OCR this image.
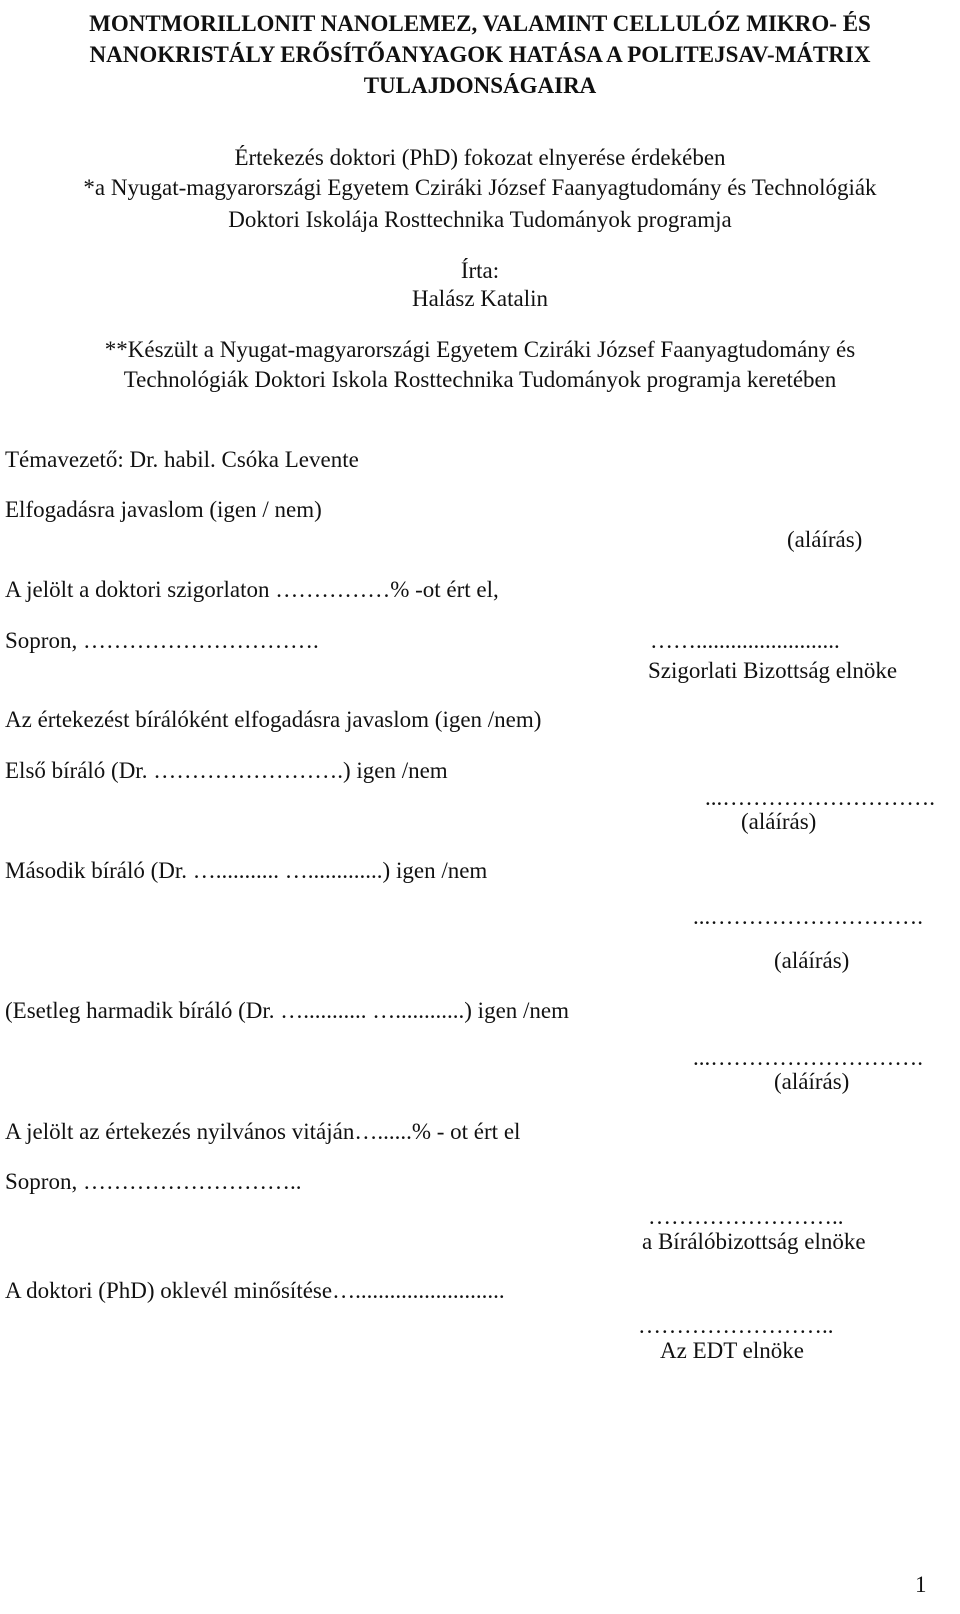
MONTMORILLONIT NANOLEMEZ, VALAMINT CELLULÓZ MIKRO- ÉS
NANOKRISTÁLY ERŐSÍTŐANYAGOK HATÁSA A POLITEJSAV-MÁTRIX
TULAJDONSÁGAIRA
Értekezés doktori (PhD) fokozat elnyerése érdekében
*a Nyugat-magyarországi Egyetem Cziráki József Faanyagtudomány és Technológiák
Doktori Iskolája Rosttechnika Tudományok programja
Írta:
Halász Katalin
**Készült a Nyugat-magyarországi Egyetem Cziráki József Faanyagtudomány és
Technológiák Doktori Iskola Rosttechnika Tudományok programja keretében
Témavezető: Dr. habil. Csóka Levente
Elfogadásra javaslom (igen / nem)
(aláírás)
A jelölt a doktori szigorlaton ……………% -ot ért el,
Sopron, ………………………….	…….........................
Szigorlati Bizottság elnöke
Az értekezést bírálóként elfogadásra javaslom (igen /nem)
Első bíráló (Dr. …………………….) igen /nem
...……………………….
(aláírás)
Második bíráló (Dr. …........... ….............) igen /nem
...……………………….
(aláírás)
(Esetleg harmadik bíráló (Dr. …........... …............) igen /nem
...……………………….
(aláírás)
A jelölt az értekezés nyilvános vitáján…......% - ot ért el
Sopron, ………………………..
……………………..
a Bírálóbizottság elnöke
A doktori (PhD) oklevél minősítése…..........................
……………………..
Az EDT elnöke
1
